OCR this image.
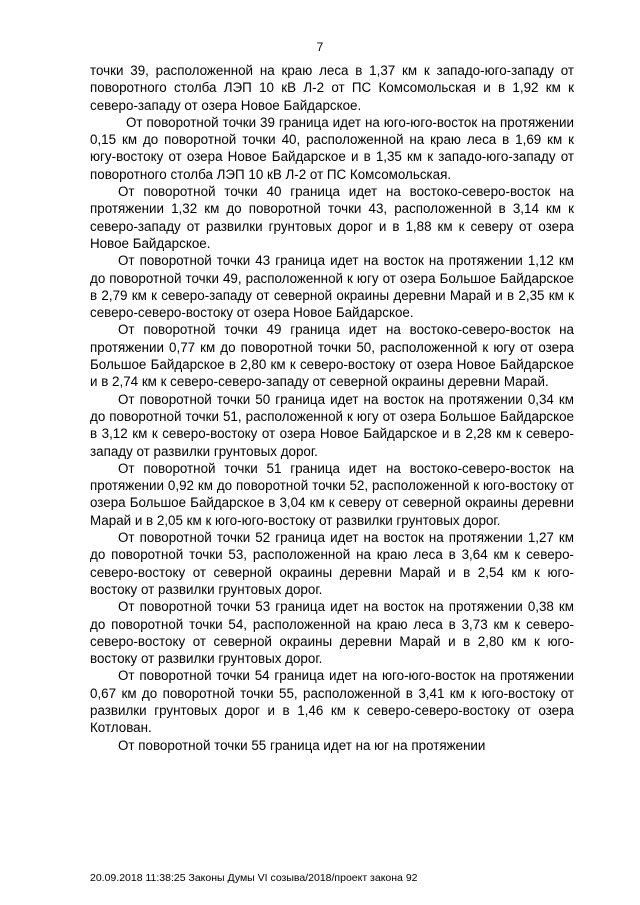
7

точки 39, расположенной на краю леса в 1,37 км к западо-юго-западу от поворотного столба ЛЭП 10 кВ Л-2 от ПС Комсомольская и в 1,92 км к северо-западу от озера Новое Байдарское.

От поворотной точки 39 граница идет на юго-юго-восток на протяжении 0,15 км до поворотной точки 40, расположенной на краю леса в 1,69 км к югу-востоку от озера Новое Байдарское и в 1,35 км к западо-юго-западу от поворотного столба ЛЭП 10 кВ Л-2 от ПС Комсомольская.

От поворотной точки 40 граница идет на востоко-северо-восток на протяжении 1,32 км до поворотной точки 43, расположенной в 3,14 км к северо-западу от развилки грунтовых дорог и в 1,88 км к северу от озера Новое Байдарское.

От поворотной точки 43 граница идет на восток на протяжении 1,12 км до поворотной точки 49, расположенной к югу от озера Большое Байдарское в 2,79 км к северо-западу от северной окраины деревни Марай и в 2,35 км к северо-северо-востоку от озера Новое Байдарское.

От поворотной точки 49 граница идет на востоко-северо-восток на протяжении 0,77 км до поворотной точки 50, расположенной к югу от озера Большое Байдарское в 2,80 км к северо-востоку от озера Новое Байдарское и в 2,74 км к северо-северо-западу от северной окраины деревни Марай.

От поворотной точки 50 граница идет на восток на протяжении 0,34 км до поворотной точки 51, расположенной к югу от озера Большое Байдарское в 3,12 км к северо-востоку от озера Новое Байдарское и в 2,28 км к северо-западу от развилки грунтовых дорог.

От поворотной точки 51 граница идет на востоко-северо-восток на протяжении 0,92 км до поворотной точки 52, расположенной к юго-востоку от озера Большое Байдарское в 3,04 км к северу от северной окраины деревни Марай и в 2,05 км к юго-юго-востоку от развилки грунтовых дорог.

От поворотной точки 52 граница идет на восток на протяжении 1,27 км до поворотной точки 53, расположенной на краю леса в 3,64 км к северо-северо-востоку от северной окраины деревни Марай и в 2,54 км к юго-востоку от развилки грунтовых дорог.

От поворотной точки 53 граница идет на восток на протяжении 0,38 км до поворотной точки 54, расположенной на краю леса в 3,73 км к северо-северо-востоку от северной окраины деревни Марай и в 2,80 км к юго-востоку от развилки грунтовых дорог.

От поворотной точки 54 граница идет на юго-юго-восток на протяжении 0,67 км до поворотной точки 55, расположенной в 3,41 км к юго-востоку от развилки грунтовых дорог и в 1,46 км к северо-северо-востоку от озера Котлован.

От поворотной точки 55 граница идет на юг на протяжении

20.09.2018 11:38:25 Законы Думы VI созыва/2018/проект закона 92
